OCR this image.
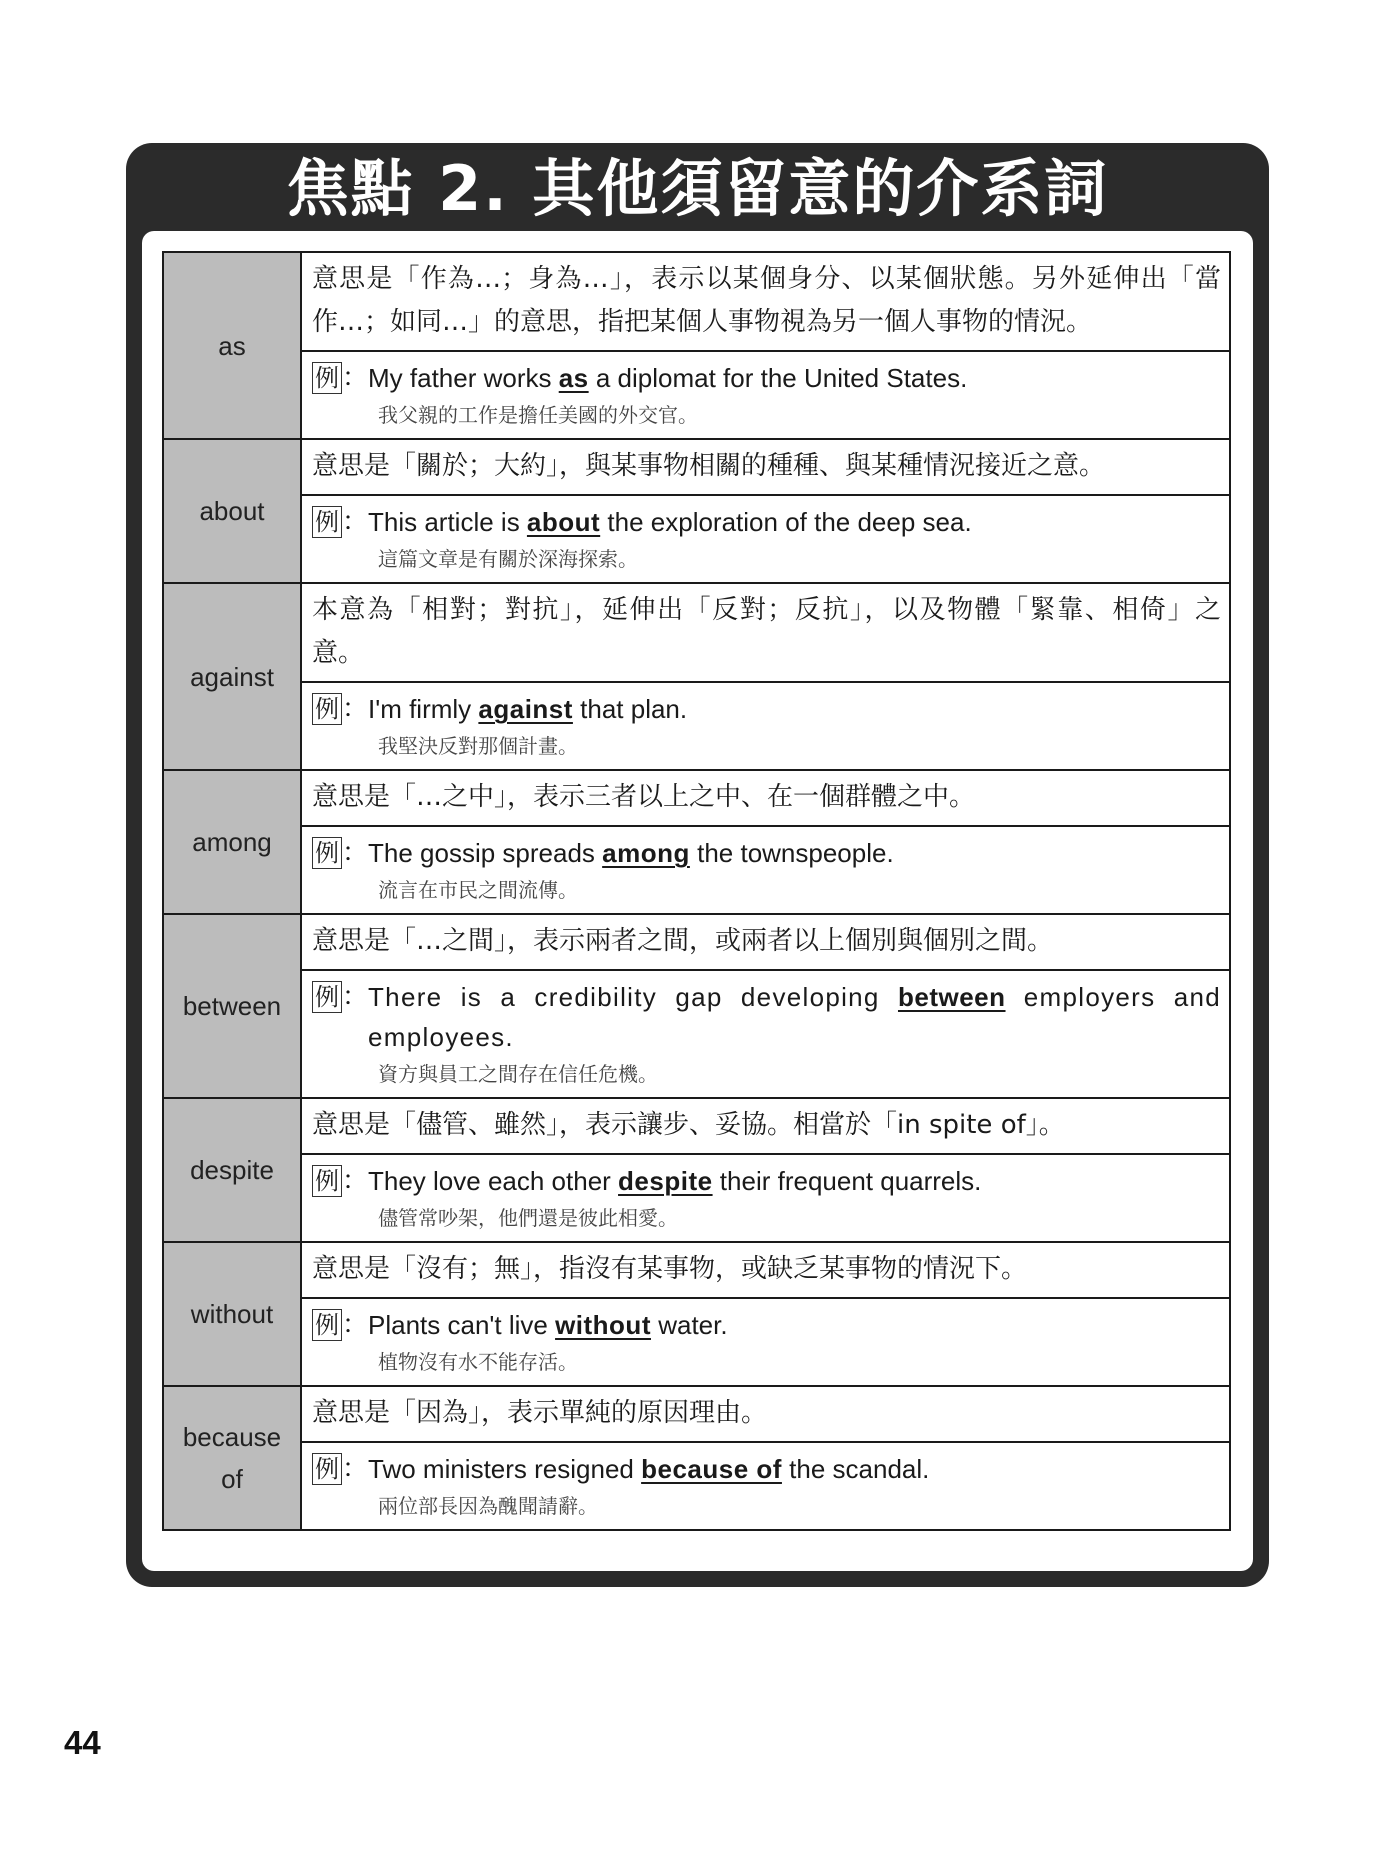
焦點 2. 其他須留意的介系詞
as	意思是「作為…；身為…」，表示以某個身分、以某個狀態。另外延伸出「當作…；如同…」的意思，指把某個人事物視為另一個人事物的情況。

	例 ： My father works as a diplomat for the United States.
我父親的工作是擔任美國的外交官。

about	意思是「關於；大約」，與某事物相關的種種、與某種情況接近之意。

	例 ： This article is about the exploration of the deep sea.
這篇文章是有關於深海探索。

against	本意為「相對；對抗」，延伸出「反對；反抗」，以及物體「緊靠、相倚」之意。

	例 ： I'm firmly against that plan.
我堅決反對那個計畫。

among	意思是「…之中」，表示三者以上之中、在一個群體之中。

	例 ： The gossip spreads among the townspeople.
流言在市民之間流傳。

between	意思是「…之間」，表示兩者之間，或兩者以上個別與個別之間。

	例 ： There is a credibility gap developing between employers and employees.
資方與員工之間存在信任危機。

despite	意思是「儘管、雖然」，表示讓步、妥協。相當於「in spite of」。

	例 ： They love each other despite their frequent quarrels.
儘管常吵架，他們還是彼此相愛。

without	意思是「沒有；無」，指沒有某事物，或缺乏某事物的情況下。

	例 ： Plants can't live without water.
植物沒有水不能存活。

because of	意思是「因為」，表示單純的原因理由。

	例 ： Two ministers resigned because of the scandal.
兩位部長因為醜聞請辭。
44
